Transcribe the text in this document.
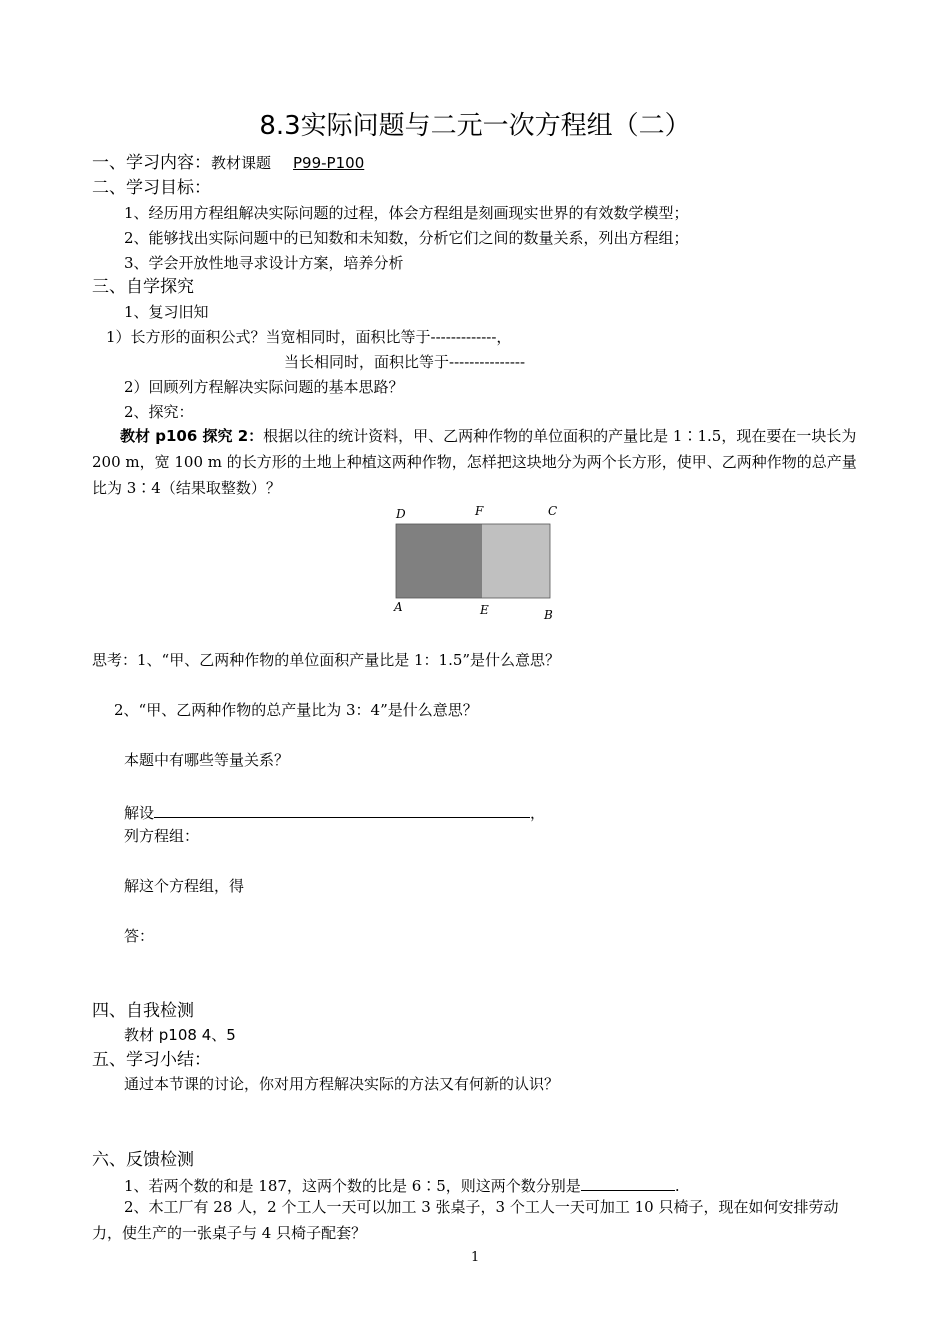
8.3实际问题与二元一次方程组（二）
一、学习内容：教材课题 P99-P100
二、学习目标：
1、经历用方程组解决实际问题的过程，体会方程组是刻画现实世界的有效数学模型；
2、能够找出实际问题中的已知数和未知数，分析它们之间的数量关系，列出方程组；
3、学会开放性地寻求设计方案，培养分析
三、自学探究
1、复习旧知
1）长方形的面积公式？当宽相同时，面积比等于-------------，
当长相同时，面积比等于---------------
2）回顾列方程解决实际问题的基本思路？
2、探究：
教材 p106 探究 2：根据以往的统计资料，甲、乙两种作物的单位面积的产量比是 1∶1.5，现在要在一块长为 200 m，宽 100 m 的长方形的土地上种植这两种作物，怎样把这块地分为两个长方形，使甲、乙两种作物的总产量比为 3∶4（结果取整数）？
D	F	C
A	E	B
思考：1、“甲、乙两种作物的单位面积产量比是 1：1.5”是什么意思？
2、“甲、乙两种作物的总产量比为 3：4”是什么意思？
本题中有哪些等量关系？
解设	，
列方程组：
解这个方程组，得
答：
四、自我检测
教材 p108 4、5
五、学习小结：
通过本节课的讨论，你对用方程解决实际的方法又有何新的认识？
六、反馈检测
1、若两个数的和是 187，这两个数的比是 6∶5，则这两个数分别是	.
2、木工厂有 28 人，2 个工人一天可以加工 3 张桌子，3 个工人一天可加工 10 只椅子，现在如何安排劳动力，使生产的一张桌子与 4 只椅子配套？
1
